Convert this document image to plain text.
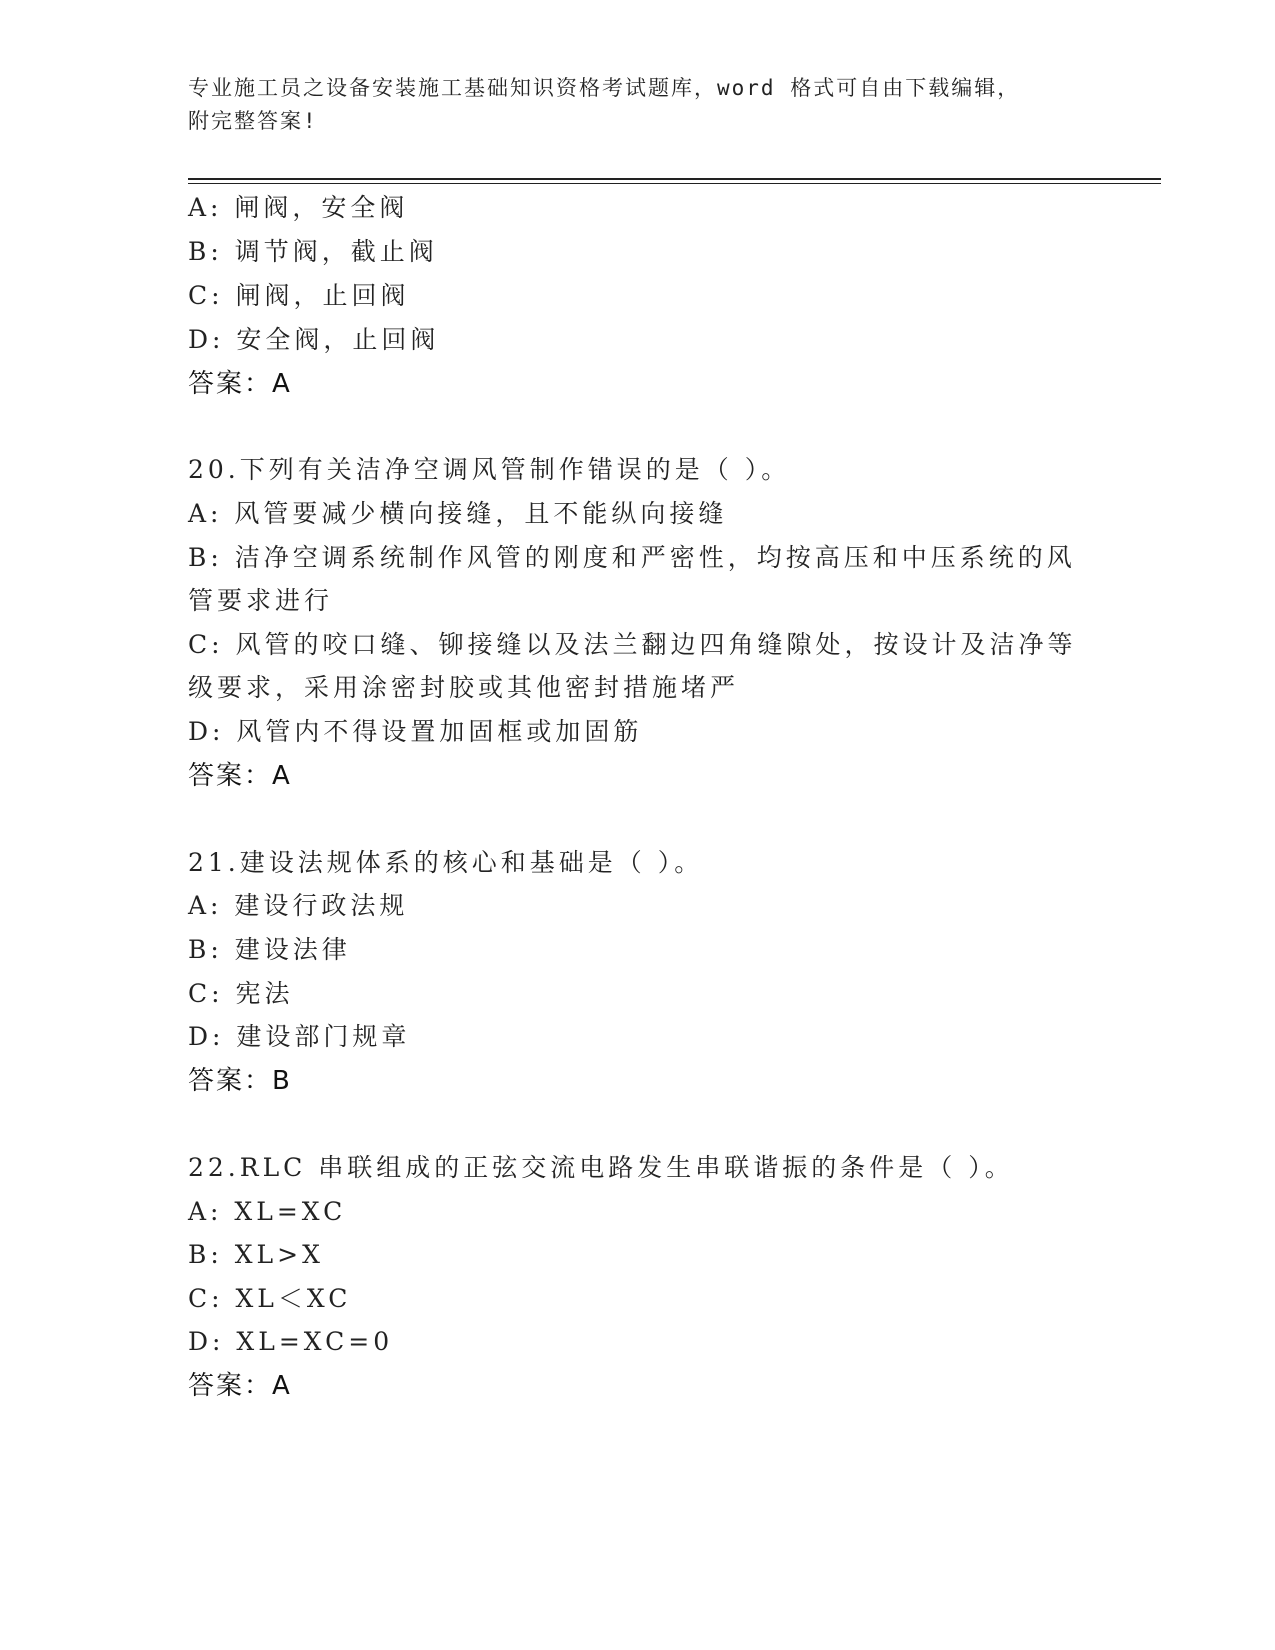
专业施工员之设备安装施工基础知识资格考试题库，word 格式可自由下载编辑，
附完整答案!
A: 闸阀，安全阀
B: 调节阀，截止阀
C: 闸阀，止回阀
D: 安全阀，止回阀
答案：A
20.下列有关洁净空调风管制作错误的是（ ）。
A: 风管要减少横向接缝，且不能纵向接缝
B: 洁净空调系统制作风管的刚度和严密性，均按高压和中压系统的风
管要求进行
C: 风管的咬口缝、铆接缝以及法兰翻边四角缝隙处，按设计及洁净等
级要求，采用涂密封胶或其他密封措施堵严
D: 风管内不得设置加固框或加固筋
答案：A
21.建设法规体系的核心和基础是（ ）。
A: 建设行政法规
B: 建设法律
C: 宪法
D: 建设部门规章
答案：B
22.RLC 串联组成的正弦交流电路发生串联谐振的条件是（ ）。
A: XL=XC
B: XL>X
C: XL＜XC
D: XL=XC=0
答案：A
